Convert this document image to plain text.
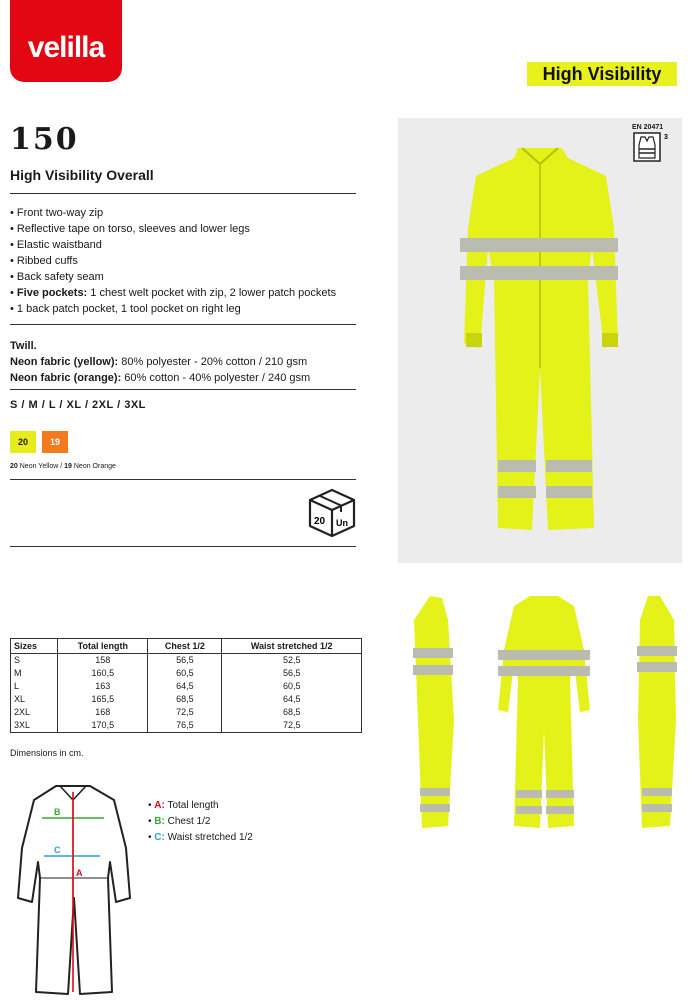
velilla
High Visibility
150
High Visibility Overall
• Front two-way zip
• Reflective tape on torso, sleeves and lower legs
• Elastic waistband
• Ribbed cuffs
• Back safety seam
• Five pockets: 1 chest welt pocket with zip, 2 lower patch pockets
• 1 back patch pocket, 1 tool pocket on right leg
Twill.
Neon fabric (yellow): 80% polyester - 20% cotton / 210 gsm
Neon fabric (orange): 60% cotton - 40% polyester / 240 gsm
S / M / L / XL / 2XL / 3XL
20	19
20 Neon Yellow / 19 Neon Orange
20 Un
EN 20471
3
Sizes	Total length	Chest 1/2	Waist stretched 1/2
S	158	56,5	52,5
M	160,5	60,5	56,5
L	163	64,5	60,5
XL	165,5	68,5	64,5
2XL	168	72,5	68,5
3XL	170,5	76,5	72,5
Dimensions in cm.
B
C
A
• A: Total length
• B: Chest 1/2
• C: Waist stretched 1/2
